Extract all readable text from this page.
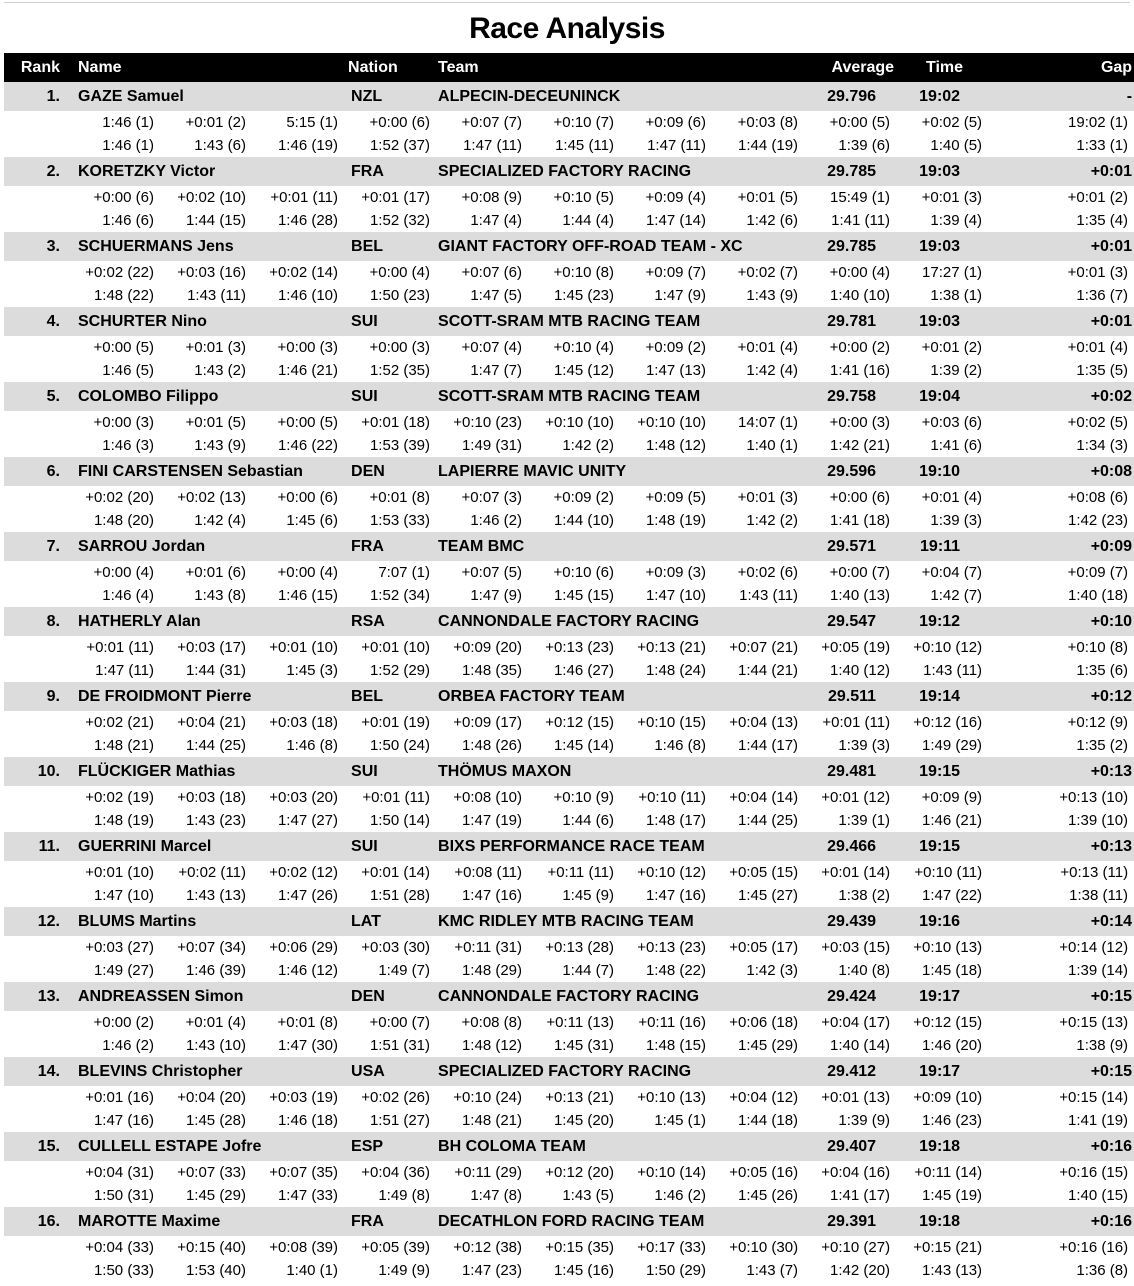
Race Analysis
Rank	Name			Nation	Team				Average	Time	Gap
1.	GAZE Samuel			NZL	ALPECIN-DECEUNINCK				29.796	19:02	-
	1:46 (1)	+0:01 (2)	5:15 (1)	+0:00 (6)	+0:07 (7)	+0:10 (7)	+0:09 (6)	+0:03 (8)	+0:00 (5)	+0:02 (5)	19:02 (1)
	1:46 (1)	1:43 (6)	1:46 (19)	1:52 (37)	1:47 (11)	1:45 (11)	1:47 (11)	1:44 (19)	1:39 (6)	1:40 (5)	1:33 (1)
2.	KORETZKY Victor			FRA	SPECIALIZED FACTORY RACING				29.785	19:03	+0:01
	+0:00 (6)	+0:02 (10)	+0:01 (11)	+0:01 (17)	+0:08 (9)	+0:10 (5)	+0:09 (4)	+0:01 (5)	15:49 (1)	+0:01 (3)	+0:01 (2)
	1:46 (6)	1:44 (15)	1:46 (28)	1:52 (32)	1:47 (4)	1:44 (4)	1:47 (14)	1:42 (6)	1:41 (11)	1:39 (4)	1:35 (4)
3.	SCHUERMANS Jens			BEL	GIANT FACTORY OFF-ROAD TEAM - XC				29.785	19:03	+0:01
	+0:02 (22)	+0:03 (16)	+0:02 (14)	+0:00 (4)	+0:07 (6)	+0:10 (8)	+0:09 (7)	+0:02 (7)	+0:00 (4)	17:27 (1)	+0:01 (3)
	1:48 (22)	1:43 (11)	1:46 (10)	1:50 (23)	1:47 (5)	1:45 (23)	1:47 (9)	1:43 (9)	1:40 (10)	1:38 (1)	1:36 (7)
4.	SCHURTER Nino			SUI	SCOTT-SRAM MTB RACING TEAM				29.781	19:03	+0:01
	+0:00 (5)	+0:01 (3)	+0:00 (3)	+0:00 (3)	+0:07 (4)	+0:10 (4)	+0:09 (2)	+0:01 (4)	+0:00 (2)	+0:01 (2)	+0:01 (4)
	1:46 (5)	1:43 (2)	1:46 (21)	1:52 (35)	1:47 (7)	1:45 (12)	1:47 (13)	1:42 (4)	1:41 (16)	1:39 (2)	1:35 (5)
5.	COLOMBO Filippo			SUI	SCOTT-SRAM MTB RACING TEAM				29.758	19:04	+0:02
	+0:00 (3)	+0:01 (5)	+0:00 (5)	+0:01 (18)	+0:10 (23)	+0:10 (10)	+0:10 (10)	14:07 (1)	+0:00 (3)	+0:03 (6)	+0:02 (5)
	1:46 (3)	1:43 (9)	1:46 (22)	1:53 (39)	1:49 (31)	1:42 (2)	1:48 (12)	1:40 (1)	1:42 (21)	1:41 (6)	1:34 (3)
6.	FINI CARSTENSEN Sebastian			DEN	LAPIERRE MAVIC UNITY				29.596	19:10	+0:08
	+0:02 (20)	+0:02 (13)	+0:00 (6)	+0:01 (8)	+0:07 (3)	+0:09 (2)	+0:09 (5)	+0:01 (3)	+0:00 (6)	+0:01 (4)	+0:08 (6)
	1:48 (20)	1:42 (4)	1:45 (6)	1:53 (33)	1:46 (2)	1:44 (10)	1:48 (19)	1:42 (2)	1:41 (18)	1:39 (3)	1:42 (23)
7.	SARROU Jordan			FRA	TEAM BMC				29.571	19:11	+0:09
	+0:00 (4)	+0:01 (6)	+0:00 (4)	7:07 (1)	+0:07 (5)	+0:10 (6)	+0:09 (3)	+0:02 (6)	+0:00 (7)	+0:04 (7)	+0:09 (7)
	1:46 (4)	1:43 (8)	1:46 (15)	1:52 (34)	1:47 (9)	1:45 (15)	1:47 (10)	1:43 (11)	1:40 (13)	1:42 (7)	1:40 (18)
8.	HATHERLY Alan			RSA	CANNONDALE FACTORY RACING				29.547	19:12	+0:10
	+0:01 (11)	+0:03 (17)	+0:01 (10)	+0:01 (10)	+0:09 (20)	+0:13 (23)	+0:13 (21)	+0:07 (21)	+0:05 (19)	+0:10 (12)	+0:10 (8)
	1:47 (11)	1:44 (31)	1:45 (3)	1:52 (29)	1:48 (35)	1:46 (27)	1:48 (24)	1:44 (21)	1:40 (12)	1:43 (11)	1:35 (6)
9.	DE FROIDMONT Pierre			BEL	ORBEA FACTORY TEAM				29.511	19:14	+0:12
	+0:02 (21)	+0:04 (21)	+0:03 (18)	+0:01 (19)	+0:09 (17)	+0:12 (15)	+0:10 (15)	+0:04 (13)	+0:01 (11)	+0:12 (16)	+0:12 (9)
	1:48 (21)	1:44 (25)	1:46 (8)	1:50 (24)	1:48 (26)	1:45 (14)	1:46 (8)	1:44 (17)	1:39 (3)	1:49 (29)	1:35 (2)
10.	FLÜCKIGER Mathias			SUI	THÖMUS MAXON				29.481	19:15	+0:13
	+0:02 (19)	+0:03 (18)	+0:03 (20)	+0:01 (11)	+0:08 (10)	+0:10 (9)	+0:10 (11)	+0:04 (14)	+0:01 (12)	+0:09 (9)	+0:13 (10)
	1:48 (19)	1:43 (23)	1:47 (27)	1:50 (14)	1:47 (19)	1:44 (6)	1:48 (17)	1:44 (25)	1:39 (1)	1:46 (21)	1:39 (10)
11.	GUERRINI Marcel			SUI	BIXS PERFORMANCE RACE TEAM				29.466	19:15	+0:13
	+0:01 (10)	+0:02 (11)	+0:02 (12)	+0:01 (14)	+0:08 (11)	+0:11 (11)	+0:10 (12)	+0:05 (15)	+0:01 (14)	+0:10 (11)	+0:13 (11)
	1:47 (10)	1:43 (13)	1:47 (26)	1:51 (28)	1:47 (16)	1:45 (9)	1:47 (16)	1:45 (27)	1:38 (2)	1:47 (22)	1:38 (11)
12.	BLUMS Martins			LAT	KMC RIDLEY MTB RACING TEAM				29.439	19:16	+0:14
	+0:03 (27)	+0:07 (34)	+0:06 (29)	+0:03 (30)	+0:11 (31)	+0:13 (28)	+0:13 (23)	+0:05 (17)	+0:03 (15)	+0:10 (13)	+0:14 (12)
	1:49 (27)	1:46 (39)	1:46 (12)	1:49 (7)	1:48 (29)	1:44 (7)	1:48 (22)	1:42 (3)	1:40 (8)	1:45 (18)	1:39 (14)
13.	ANDREASSEN Simon			DEN	CANNONDALE FACTORY RACING				29.424	19:17	+0:15
	+0:00 (2)	+0:01 (4)	+0:01 (8)	+0:00 (7)	+0:08 (8)	+0:11 (13)	+0:11 (16)	+0:06 (18)	+0:04 (17)	+0:12 (15)	+0:15 (13)
	1:46 (2)	1:43 (10)	1:47 (30)	1:51 (31)	1:48 (12)	1:45 (31)	1:48 (15)	1:45 (29)	1:40 (14)	1:46 (20)	1:38 (9)
14.	BLEVINS Christopher			USA	SPECIALIZED FACTORY RACING				29.412	19:17	+0:15
	+0:01 (16)	+0:04 (20)	+0:03 (19)	+0:02 (26)	+0:10 (24)	+0:13 (21)	+0:10 (13)	+0:04 (12)	+0:01 (13)	+0:09 (10)	+0:15 (14)
	1:47 (16)	1:45 (28)	1:46 (18)	1:51 (27)	1:48 (21)	1:45 (20)	1:45 (1)	1:44 (18)	1:39 (9)	1:46 (23)	1:41 (19)
15.	CULLELL ESTAPE Jofre			ESP	BH COLOMA TEAM				29.407	19:18	+0:16
	+0:04 (31)	+0:07 (33)	+0:07 (35)	+0:04 (36)	+0:11 (29)	+0:12 (20)	+0:10 (14)	+0:05 (16)	+0:04 (16)	+0:11 (14)	+0:16 (15)
	1:50 (31)	1:45 (29)	1:47 (33)	1:49 (8)	1:47 (8)	1:43 (5)	1:46 (2)	1:45 (26)	1:41 (17)	1:45 (19)	1:40 (15)
16.	MAROTTE Maxime			FRA	DECATHLON FORD RACING TEAM				29.391	19:18	+0:16
	+0:04 (33)	+0:15 (40)	+0:08 (39)	+0:05 (39)	+0:12 (38)	+0:15 (35)	+0:17 (33)	+0:10 (30)	+0:10 (27)	+0:15 (21)	+0:16 (16)
	1:50 (33)	1:53 (40)	1:40 (1)	1:49 (9)	1:47 (23)	1:45 (16)	1:50 (29)	1:43 (7)	1:42 (20)	1:43 (13)	1:36 (8)
